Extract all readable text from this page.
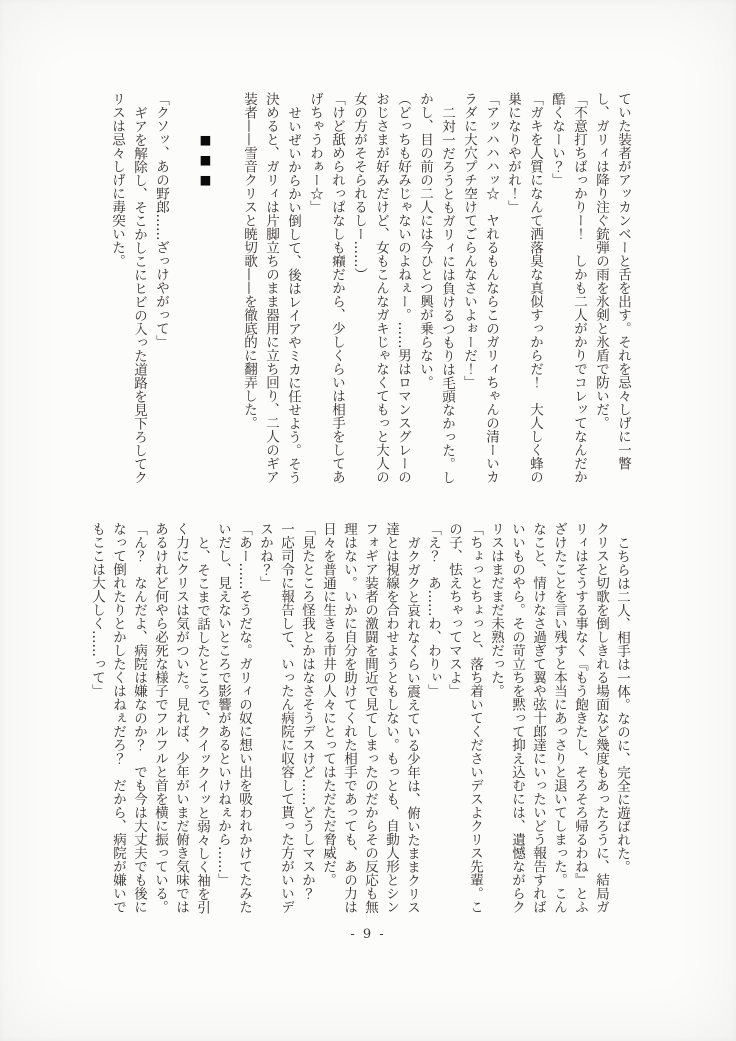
ていた装者がアッカンベーと舌を出す。それを忌々しげに一瞥し、ガリィは降り注ぐ銃弾の雨を氷剣と氷盾で防いだ。

「不意打ちばっかりー！　しかも二人がかりでコレッてなんだか酷くなーい？」

「ガキを人質になんて洒落臭な真似すっからだ！　大人しく蜂の巣になりやがれ！」

「アッハハハッ☆　ヤれるもんならこのガリィちゃんの清ーいカラダに大穴プチ空けてごらんなさいよぉーだ！」

二対一だろうともガリィには負けるつもりは毛頭なかった。しかし、目の前の二人には今ひとつ興が乗らない。

（どっちも好みじゃないのよねぇー。……男はロマンスグレーのおじさまが好みだけど、女もこんなガキじゃなくてもっと大人の女の方がそそられるしー……）

「けど舐められっぱなしも癪だから、少しくらいは相手をしてあげちゃうわぁー☆」

せいぜいからかい倒して、後はレイアやミカに任せよう。そう決めると、ガリィは片脚立ちのまま器用に立ち回り、二人のギア装者——雪音クリスと暁切歌——を徹底的に翻弄した。

■■■

「クソッ、あの野郎……ざっけやがって」

ギアを解除し、そこかしこにヒビの入った道路を見下ろしてクリスは忌々しげに毒突いた。

こちらは二人、相手は一体。なのに、完全に遊ばれた。

クリスと切歌を倒しきれる場面など幾度もあったろうに、結局ガリィはそうする事なく『もう飽きたし、そろそろ帰るわね』とふざけたことを言い残すと本当にあっさりと退いてしまった。こんなこと、情けなさ過ぎて翼や弦十郎達にいったいどう報告すればいいものやら。その苛立ちを黙って抑え込むには、遺憾ながらクリスはまだまだ未熟だった。

「ちょっとちょっと、落ち着いてくださいデスよクリス先輩。この子、怯えちゃってマスよ」

「え？　あ……わ、わりぃ」

ガクガクと哀れなくらい震えている少年は、俯いたままクリス達とは視線を合わせようともしない。もっとも、自動人形とシンフォギア装者の激闘を間近で見てしまったのだからその反応も無理はない。いかに自分を助けてくれた相手であっても、あの力は日々を普通に生きる市井の人々にとってはただただ脅威だ。

「見たところ怪我とかはなさそうデスけど……どうしマスか？　一応司令に報告して、いったん病院に収容して貰った方がいいデスかね？」

「あー……そうだな。ガリィの奴に想い出を吸われかけてたみたいだし、見えないところで影響があるといけねぇから……」

と、そこまで話したところで、クイックイッと弱々しく袖を引く力にクリスは気がついた。見れば、少年がいまだ俯き気味ではあるけれど何やら必死な様子でフルフルと首を横に振っている。

「ん？　なんだよ、病院は嫌なのか？　でも今は大丈夫でも後になって倒れたりとかしたくはねぇだろ？　だから、病院が嫌いでもここは大人しく……って」

- 9 -
